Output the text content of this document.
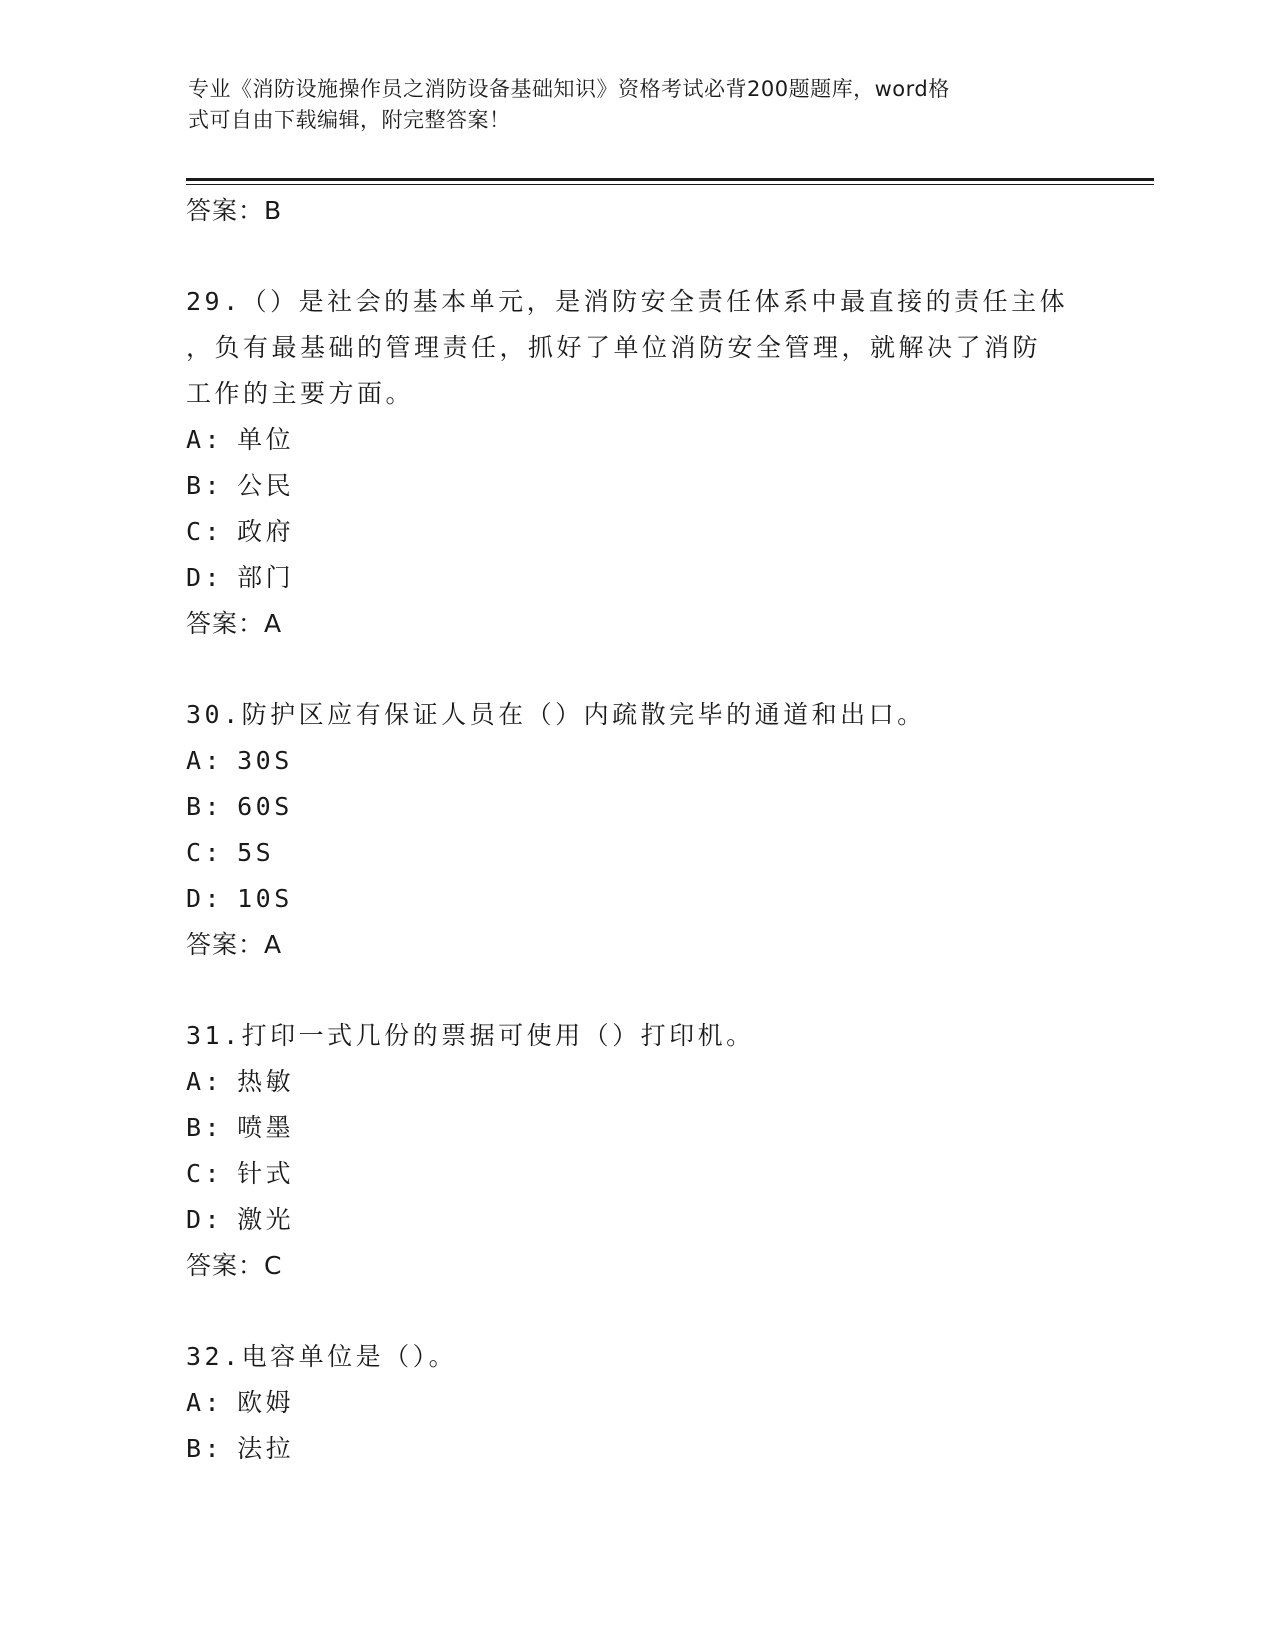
专业《消防设施操作员之消防设备基础知识》资格考试必背200题题库，word格
式可自由下载编辑，附完整答案！
答案：B
29.（）是社会的基本单元，是消防安全责任体系中最直接的责任主体
，负有最基础的管理责任，抓好了单位消防安全管理，就解决了消防
工作的主要方面。
A: 单位
B: 公民
C: 政府
D: 部门
答案：A
30.防护区应有保证人员在（）内疏散完毕的通道和出口。
A: 30S
B: 60S
C: 5S
D: 10S
答案：A
31.打印一式几份的票据可使用（）打印机。
A: 热敏
B: 喷墨
C: 针式
D: 激光
答案：C
32.电容单位是（）。
A: 欧姆
B: 法拉
